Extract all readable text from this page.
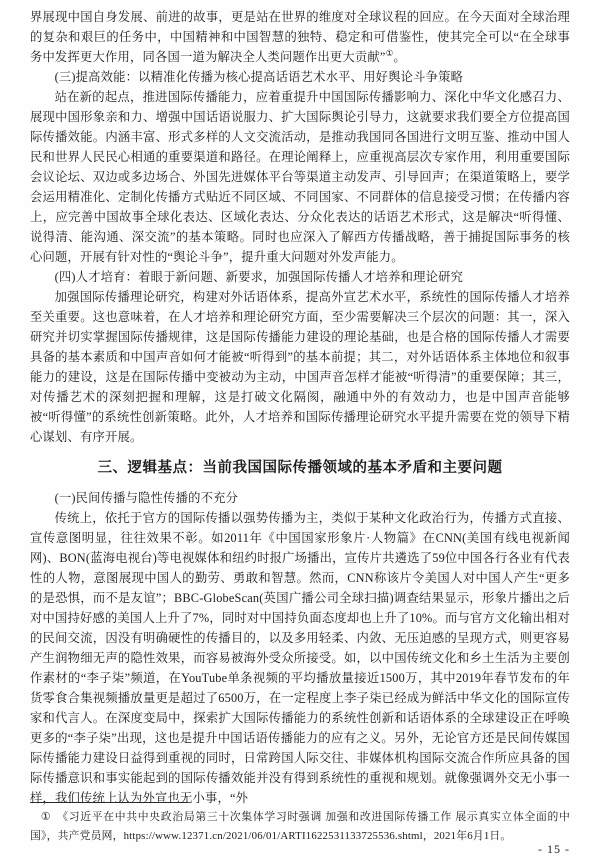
界展现中国自身发展、前进的故事，更是站在世界的维度对全球议程的回应。在今天面对全球治理的复杂和艰巨的任务中，中国精神和中国智慧的独特、稳定和可借鉴性，使其完全可以“在全球事务中发挥更大作用，同各国一道为解决全人类问题作出更大贡献”①。

(三)提高效能：以精准化传播为核心提高话语艺术水平、用好舆论斗争策略

站在新的起点，推进国际传播能力，应着重提升中国国际传播影响力、深化中华文化感召力、展现中国形象亲和力、增强中国话语说服力、扩大国际舆论引导力，这就要求我们要全方位提高国际传播效能。内涵丰富、形式多样的人文交流活动，是推动我国同各国进行文明互鉴、推动中国人民和世界人民民心相通的重要渠道和路径。在理论阐释上，应重视高层次专家作用，利用重要国际会议论坛、双边或多边场合、外国先进媒体平台等渠道主动发声、引导回声；在渠道策略上，要学会运用精准化、定制化传播方式贴近不同区域、不同国家、不同群体的信息接受习惯；在传播内容上，应完善中国故事全球化表达、区域化表达、分众化表达的话语艺术形式，这是解决“听得懂、说得清、能沟通、深交流”的基本策略。同时也应深入了解西方传播战略，善于捕捉国际事务的核心问题，开展有针对性的“舆论斗争”，提升重大问题对外发声能力。

(四)人才培育：着眼于新问题、新要求，加强国际传播人才培养和理论研究

加强国际传播理论研究，构建对外话语体系，提高外宣艺术水平，系统性的国际传播人才培养至关重要。这也意味着，在人才培养和理论研究方面，至少需要解决三个层次的问题：其一，深入研究并切实掌握国际传播规律，这是国际传播能力建设的理论基础，也是合格的国际传播人才需要具备的基本素质和中国声音如何才能被“听得到”的基本前提；其二，对外话语体系主体地位和叙事能力的建设，这是在国际传播中变被动为主动，中国声音怎样才能被“听得清”的重要保障；其三，对传播艺术的深刻把握和理解，这是打破文化隔阂，融通中外的有效动力，也是中国声音能够被“听得懂”的系统性创新策略。此外，人才培养和国际传播理论研究水平提升需要在党的领导下精心谋划、有序开展。

三、逻辑基点：当前我国国际传播领域的基本矛盾和主要问题

(一)民间传播与隐性传播的不充分

传统上，依托于官方的国际传播以强势传播为主，类似于某种文化政治行为，传播方式直接、宣传意图明显，往往效果不彰。如2011年《中国国家形象片·人物篇》在CNN(美国有线电视新闻网)、BON(蓝海电视台)等电视媒体和纽约时报广场播出，宣传片共遴选了59位中国各行各业有代表性的人物，意图展现中国人的勤劳、勇敢和智慧。然而，CNN称该片令美国人对中国人产生“更多的是恐惧，而不是友谊”；BBC-GlobeScan(英国广播公司全球扫描)调查结果显示，形象片播出之后对中国持好感的美国人上升了7%，同时对中国持负面态度却也上升了10%。而与官方文化输出相对的民间交流，因没有明确硬性的传播目的，以及多用轻柔、内敛、无压迫感的呈现方式，则更容易产生润物细无声的隐性效果，而容易被海外受众所接受。如，以中国传统文化和乡土生活为主要创作素材的“李子柒”频道，在YouTube单条视频的平均播放量接近1500万，其中2019年春节发布的年货零食合集视频播放量更是超过了6500万，在一定程度上李子柒已经成为鲜活中华文化的国际宣传家和代言人。在深度变局中，探索扩大国际传播能力的系统性创新和话语体系的全球建设正在呼唤更多的“李子柒”出现，这也是提升中国话语传播能力的应有之义。另外，无论官方还是民间传媒国际传播能力建设日益得到重视的同时，日常跨国人际交往、非媒体机构国际交流合作所应具备的国际传播意识和事实能起到的国际传播效能并没有得到系统性的重视和规划。就像强调外交无小事一样，我们传统上认为外宣也无小事，“外

① 《习近平在中共中央政治局第三十次集体学习时强调 加强和改进国际传播工作 展示真实立体全面的中国》，共产党员网，https://www.12371.cn/2021/06/01/ARTI1622531133725536.shtml，2021年6月1日。

- 15 -
